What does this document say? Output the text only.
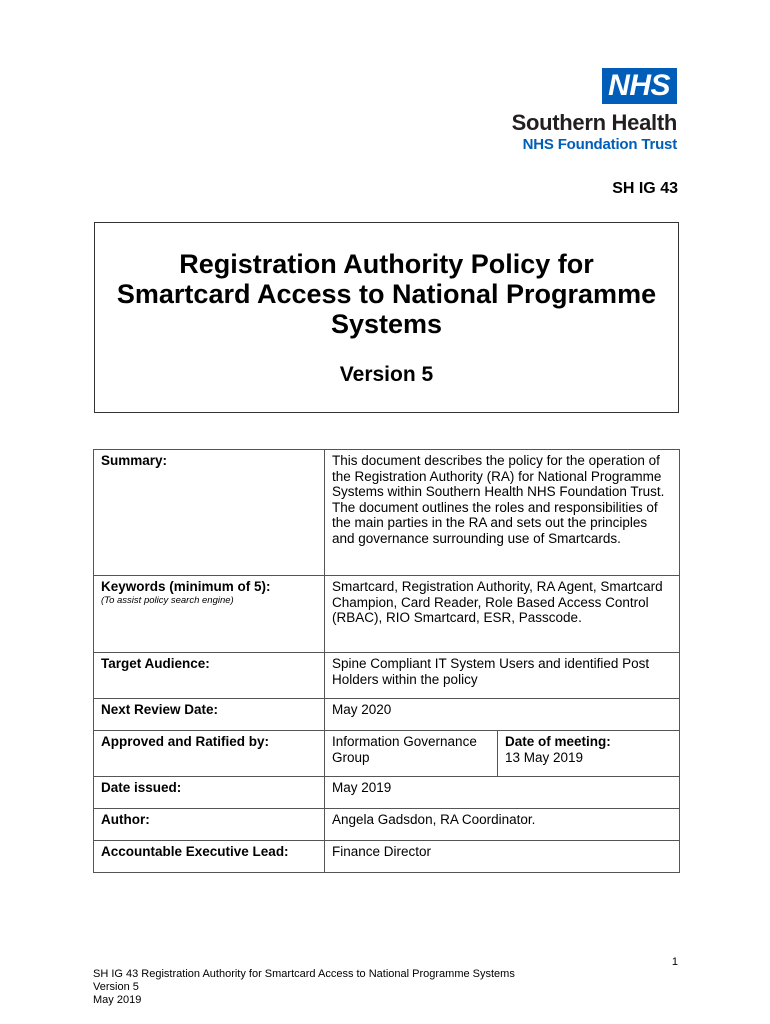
NHS
Southern Health
NHS Foundation Trust
SH IG 43
Registration Authority Policy for
Smartcard Access to National Programme
Systems
Version 5
Summary:	This document describes the policy for the operation of the Registration Authority (RA) for National Programme Systems within Southern Health NHS Foundation Trust. The document outlines the roles and responsibilities of the main parties in the RA and sets out the principles and governance surrounding use of Smartcards.	

Keywords (minimum of 5):
(To assist policy search engine)	Smartcard, Registration Authority, RA Agent, Smartcard Champion, Card Reader, Role Based Access Control (RBAC), RIO Smartcard, ESR, Passcode.	
Target Audience:	Spine Compliant IT System Users and identified Post Holders within the policy	
Next Review Date:	May 2020	
Approved and Ratified by:	Information Governance Group	Date of meeting:
13 May 2019

Date issued:	May 2019	
Author:	Angela Gadsdon, RA Coordinator.	
Accountable Executive Lead:	Finance Director	
1
SH IG 43 Registration Authority for Smartcard Access to National Programme Systems
Version 5
May 2019
